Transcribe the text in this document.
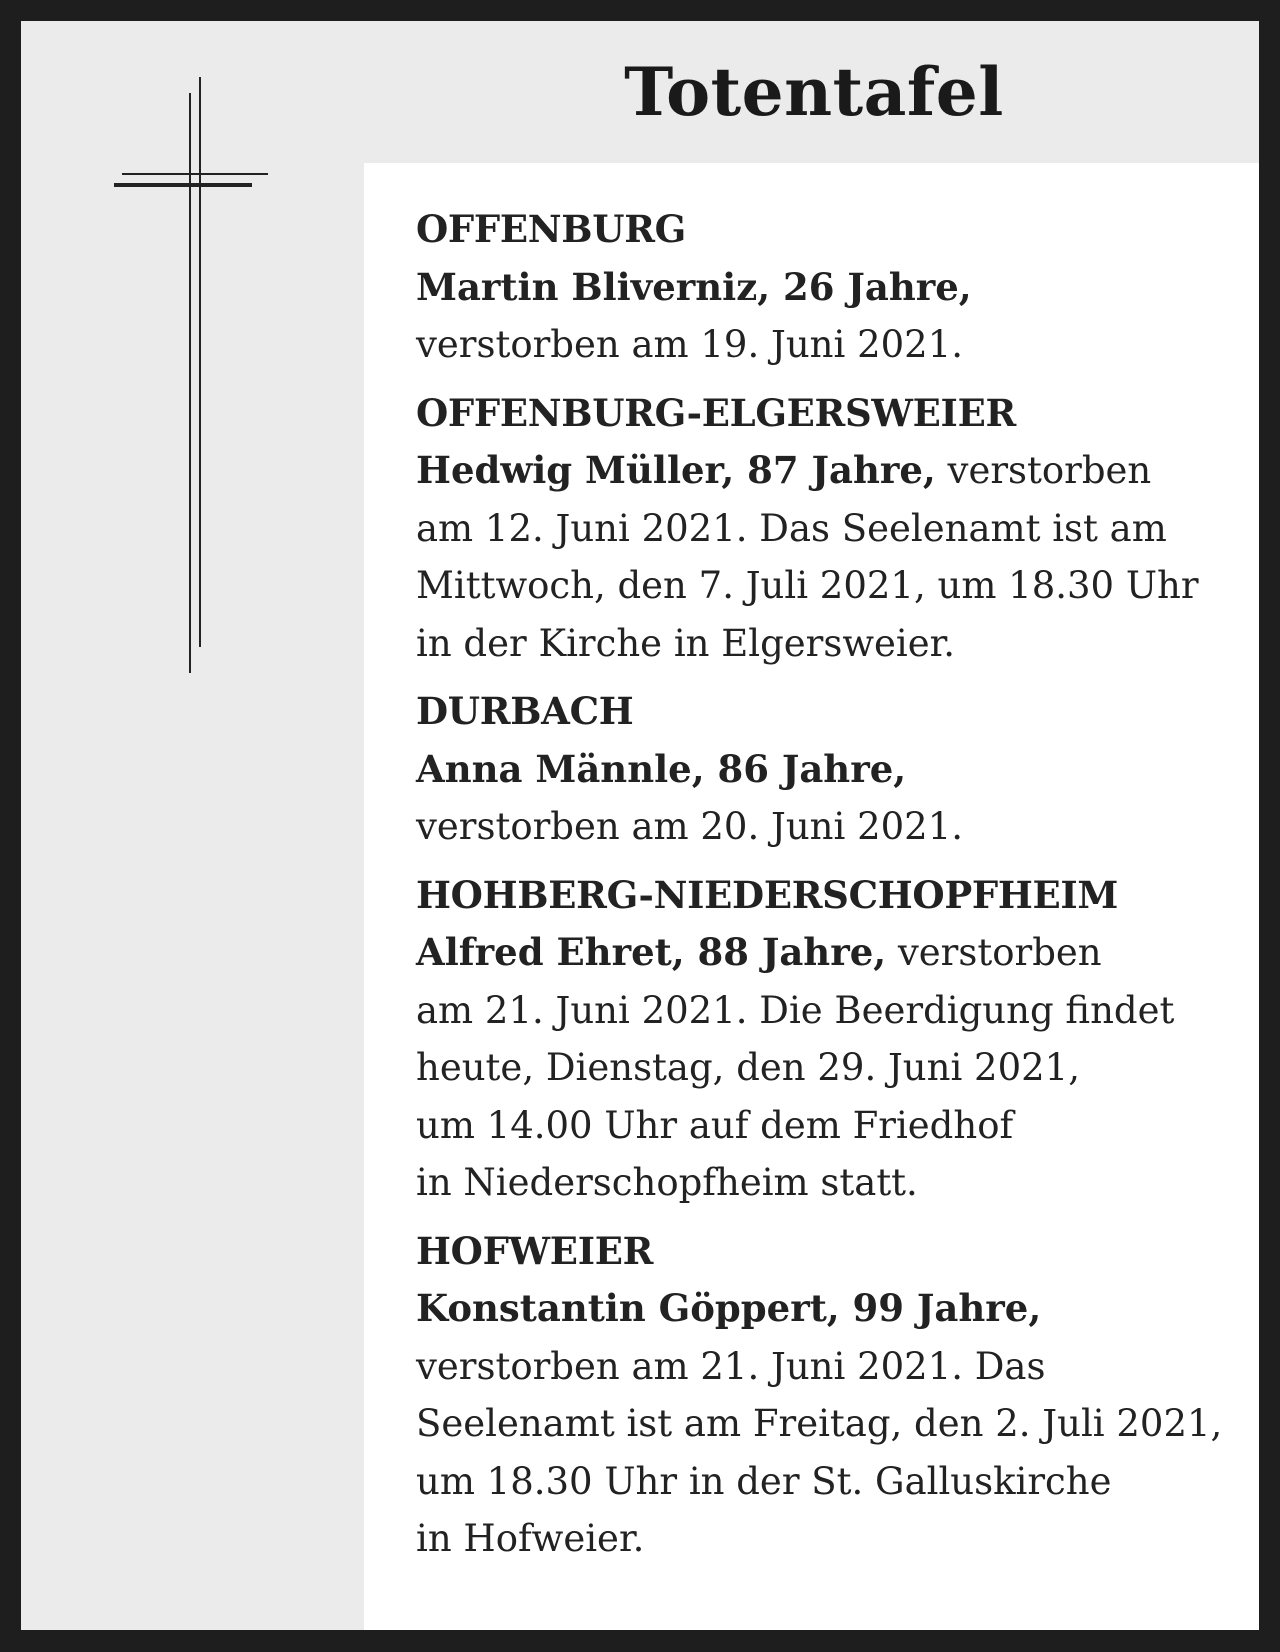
Totentafel
OFFENBURG
Martin Bliverniz, 26 Jahre,
verstorben am 19. Juni 2021.
OFFENBURG-ELGERSWEIER
Hedwig Müller, 87 Jahre, verstorben
am 12. Juni 2021. Das Seelenamt ist am
Mittwoch, den 7. Juli 2021, um 18.30 Uhr
in der Kirche in Elgersweier.
DURBACH
Anna Männle, 86 Jahre,
verstorben am 20. Juni 2021.
HOHBERG-NIEDERSCHOPFHEIM
Alfred Ehret, 88 Jahre, verstorben
am 21. Juni 2021. Die Beerdigung findet
heute, Dienstag, den 29. Juni 2021,
um 14.00 Uhr auf dem Friedhof
in Niederschopfheim statt.
HOFWEIER
Konstantin Göppert, 99 Jahre,
verstorben am 21. Juni 2021. Das
Seelenamt ist am Freitag, den 2. Juli 2021,
um 18.30 Uhr in der St. Galluskirche
in Hofweier.
